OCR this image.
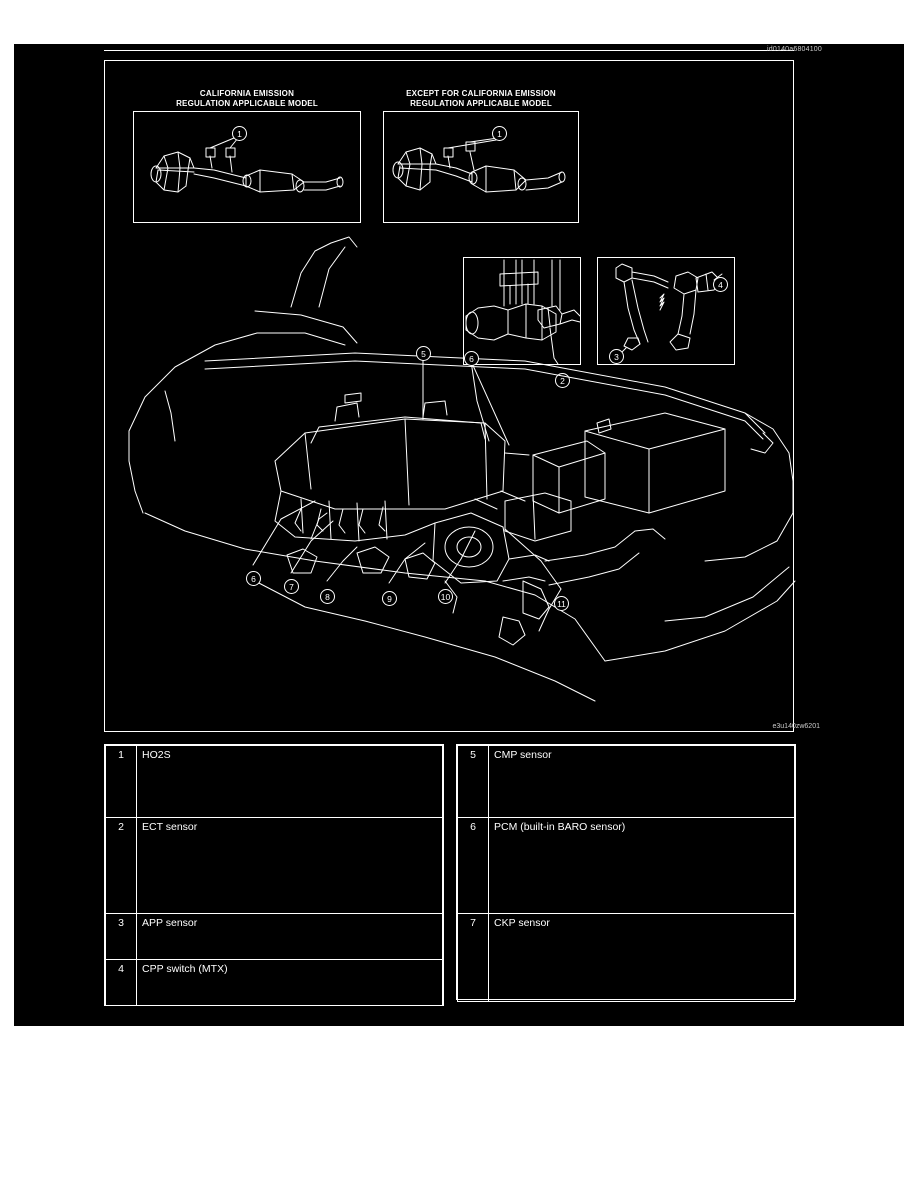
CONTROL SYSTEM LOCATION INDEX[LF, L3]
id0140a6804100
1
CALIFORNIA EMISSION
REGULATION APPLICABLE MODEL
1
EXCEPT FOR CALIFORNIA EMISSION
REGULATION APPLICABLE MODEL
2
3
4
5	6
6
7
8	9	10
11
e3u140zw6201
1	HO2S
2	ECT sensor
3	APP sensor
4	CPP switch (MTX)
5	CMP sensor
6	PCM (built-in BARO sensor)
7	CKP sensor
